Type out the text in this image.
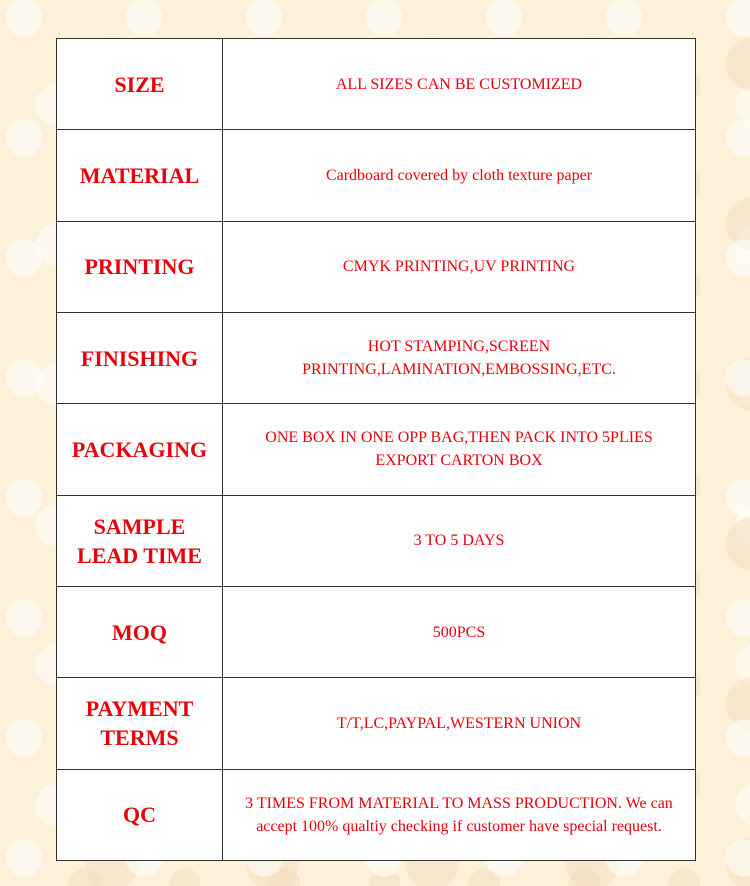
SIZE	ALL SIZES CAN BE CUSTOMIZED
MATERIAL	Cardboard covered by cloth texture paper
PRINTING	CMYK PRINTING,UV PRINTING
FINISHING	HOT STAMPING,SCREEN
PRINTING,LAMINATION,EMBOSSING,ETC.
PACKAGING	ONE BOX IN ONE OPP BAG,THEN PACK INTO 5PLIES
EXPORT CARTON BOX
SAMPLE
LEAD TIME	3 TO 5 DAYS
MOQ	500PCS
PAYMENT
TERMS	T/T,LC,PAYPAL,WESTERN UNION
QC	3 TIMES FROM MATERIAL TO MASS PRODUCTION. We can
accept 100% qualtiy checking if customer have special request.
